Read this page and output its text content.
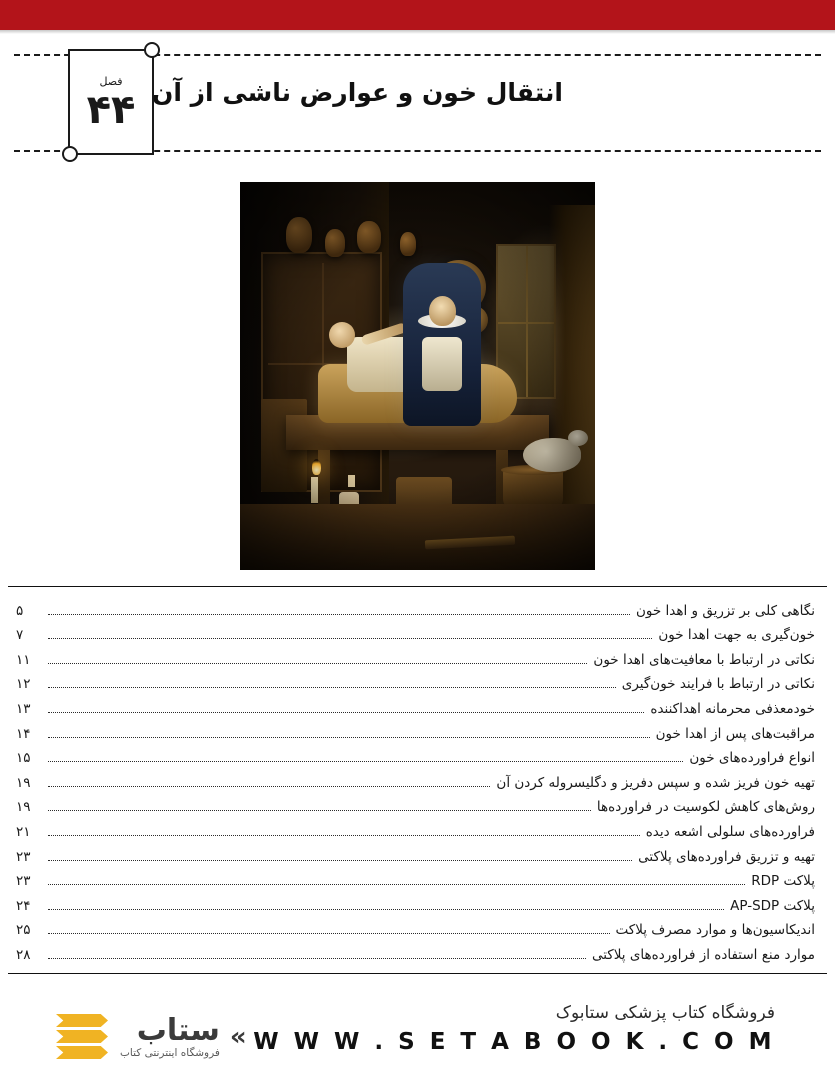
فصل
۴۴ انتقال خون و عوارض ناشی از آن
نگاهی کلی بر تزریق و اهدا خون
۵
خون‌گیری به جهت اهدا خون
۷
نکاتی در ارتباط با معافیت‌های اهدا خون
۱۱
نکاتی در ارتباط با فرایند خون‌گیری
۱۲
خودمعذفی محرمانه اهداکننده
۱۳
مراقبت‌های پس از اهدا خون
۱۴
انواع فراورده‌های خون
۱۵
تهیه خون فریز شده و سپس دفریز و دگلیسروله کردن آن
۱۹
روش‌های کاهش لکوسیت در فراورده‌ها
۱۹
فراورده‌های سلولی اشعه دیده
۲۱
تهیه و تزریق فراورده‌های پلاکتی
۲۳
پلاکت RDP
۲۳
پلاکت AP-SDP
۲۴
اندیکاسیون‌ها و موارد مصرف پلاکت
۲۵
موارد منع استفاده از فراورده‌های پلاکتی
۲۸
فروشگاه کتاب پزشکی ستابوک
W W W . S E T A B O O K . C O M
ستاب
فروشگاه اینترنتی کتاب
«
